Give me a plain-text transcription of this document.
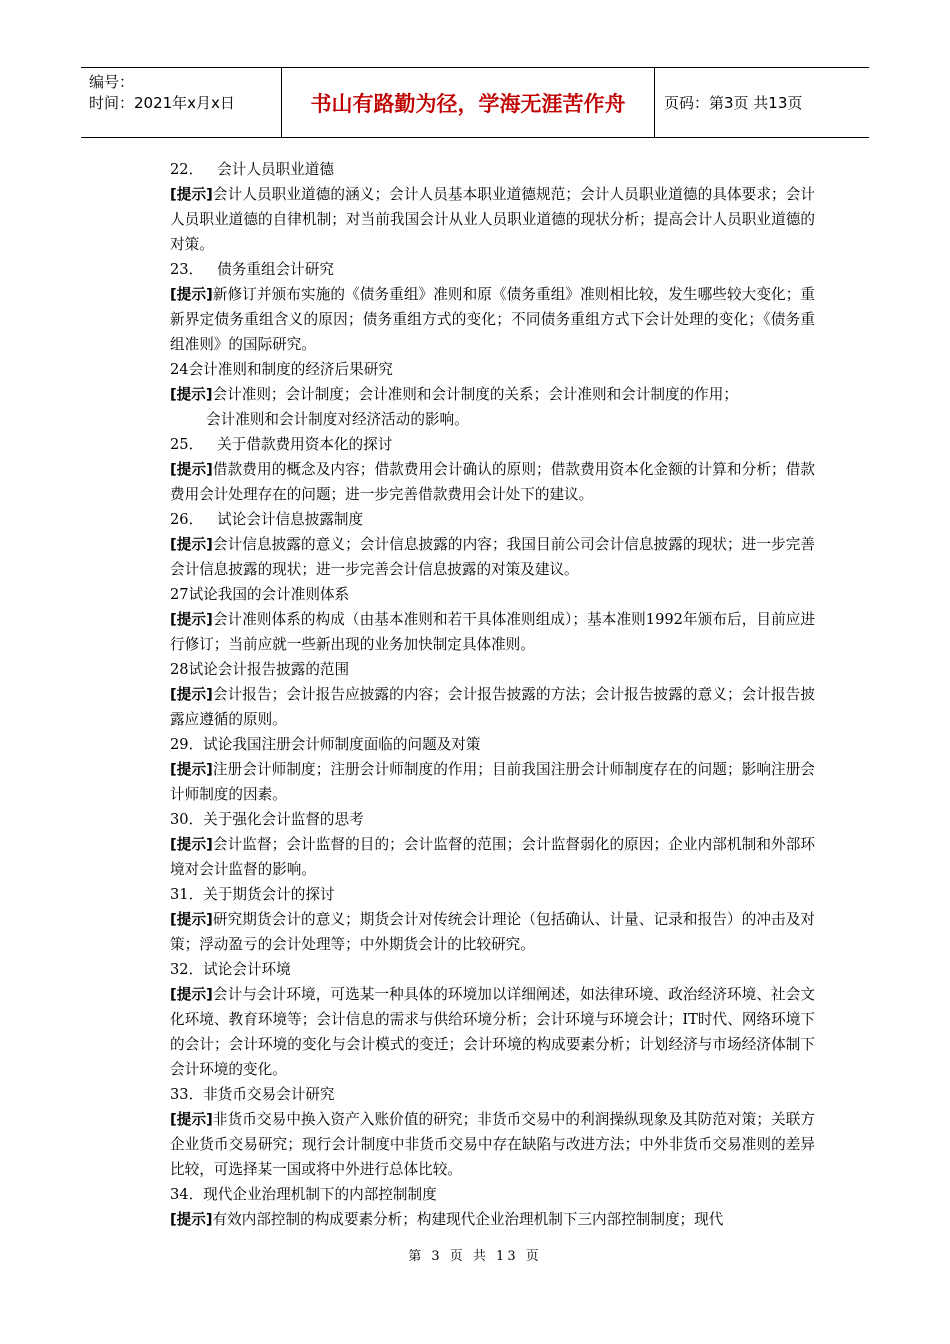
编号：
时间：2021年x月x日	书山有路勤为径，学海无涯苦作舟	页码：第3页 共13页

22． 会计人员职业道德

[提示]会计人员职业道德的涵义；会计人员基本职业道德规范；会计人员职业道德的具体要求；会计人员职业道德的自律机制；对当前我国会计从业人员职业道德的现状分析；提高会计人员职业道德的对策。

23． 债务重组会计研究

[提示]新修订并颁布实施的《债务重组》准则和原《债务重组》准则相比较，发生哪些较大变化；重新界定债务重组含义的原因；债务重组方式的变化；不同债务重组方式下会计处理的变化；《债务重组准则》的国际研究。

24会计准则和制度的经济后果研究

[提示]会计准则；会计制度；会计准则和会计制度的关系；会计准则和会计制度的作用；
会计准则和会计制度对经济活动的影响。

25． 关于借款费用资本化的探讨

[提示]借款费用的概念及内容；借款费用会计确认的原则；借款费用资本化金额的计算和分析；借款费用会计处理存在的问题；进一步完善借款费用会计处下的建议。

26． 试论会计信息披露制度

[提示]会计信息披露的意义；会计信息披露的内容；我国目前公司会计信息披露的现状；进一步完善会计信息披露的现状；进一步完善会计信息披露的对策及建议。

27试论我国的会计准则体系

[提示]会计准则体系的构成（由基本准则和若干具体准则组成）；基本准则1992年颁布后，目前应进行修订；当前应就一些新出现的业务加快制定具体准则。

28试论会计报告披露的范围

[提示]会计报告；会计报告应披露的内容；会计报告披露的方法；会计报告披露的意义；会计报告披露应遵循的原则。

29．试论我国注册会计师制度面临的问题及对策

[提示]注册会计师制度；注册会计师制度的作用；目前我国注册会计师制度存在的问题；影响注册会计师制度的因素。

30．关于强化会计监督的思考

[提示]会计监督；会计监督的目的；会计监督的范围；会计监督弱化的原因；企业内部机制和外部环境对会计监督的影响。

31．关于期货会计的探讨

[提示]研究期货会计的意义；期货会计对传统会计理论（包括确认、计量、记录和报告）的冲击及对策；浮动盈亏的会计处理等；中外期货会计的比较研究。

32．试论会计环境

[提示]会计与会计环境，可选某一种具体的环境加以详细阐述，如法律环境、政治经济环境、社会文化环境、教育环境等；会计信息的需求与供给环境分析；会计环境与环境会计；IT时代、网络环境下的会计；会计环境的变化与会计模式的变迁；会计环境的构成要素分析；计划经济与市场经济体制下会计环境的变化。

33．非货币交易会计研究

[提示]非货币交易中换入资产入账价值的研究；非货币交易中的利润操纵现象及其防范对策；关联方企业货币交易研究；现行会计制度中非货币交易中存在缺陷与改进方法；中外非货币交易准则的差异比较，可选择某一国或将中外进行总体比较。

34．现代企业治理机制下的内部控制制度

[提示]有效内部控制的构成要素分析；构建现代企业治理机制下三内部控制制度；现代

第 3 页 共 13 页
